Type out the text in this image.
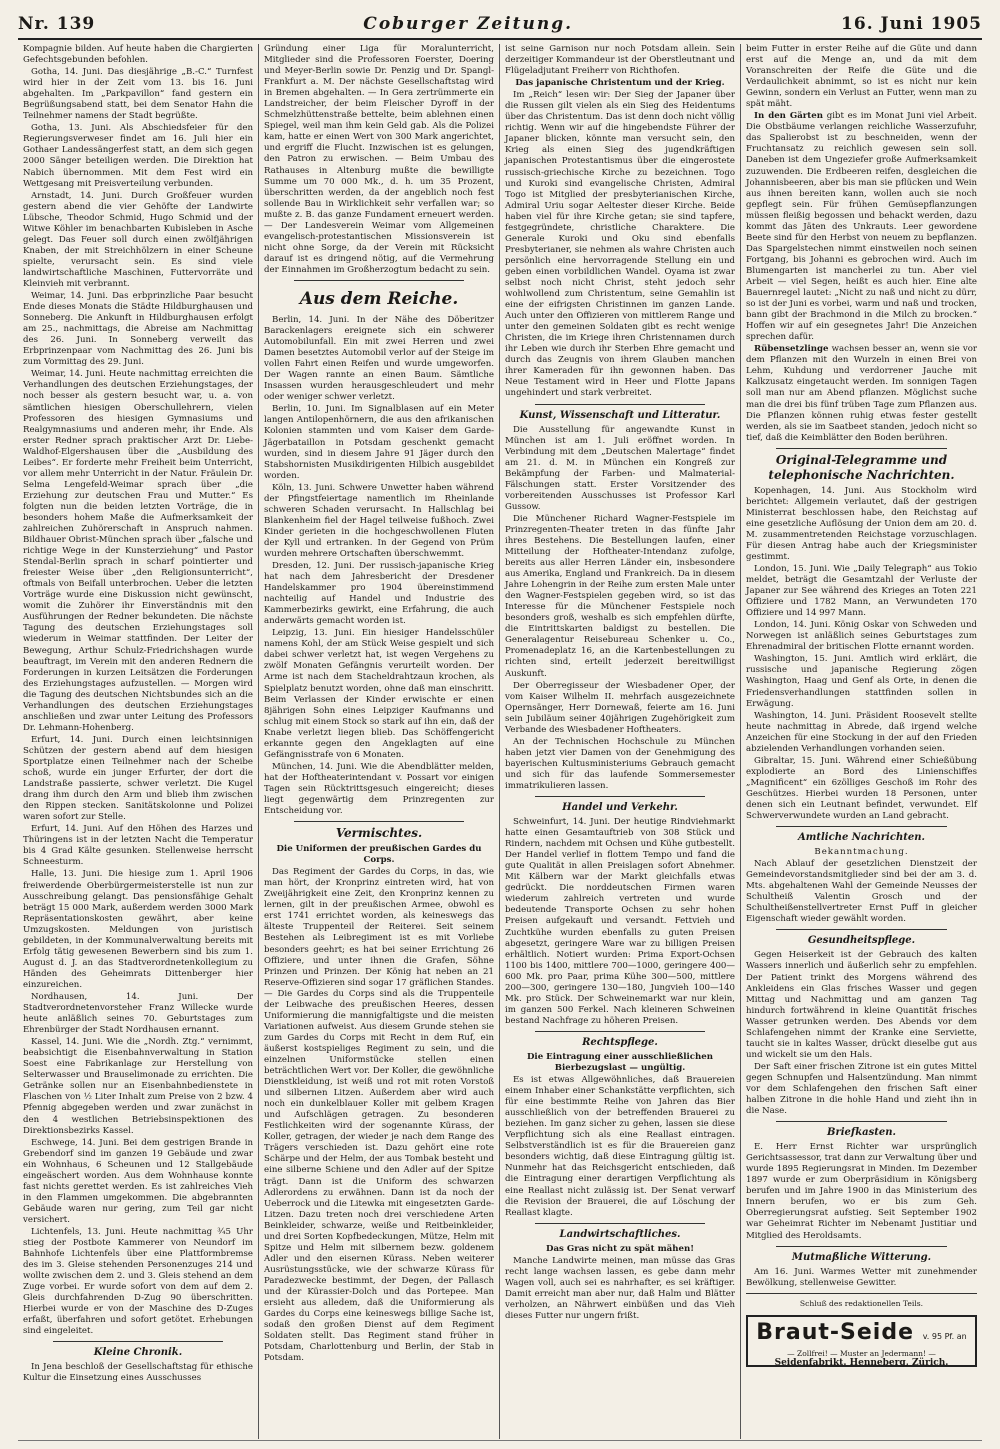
Nr. 139	Coburger Zeitung.	16. Juni 1905

Kompagnie bilden. Auf heute haben die Chargierten Gefechtsgebunden befohlen.

Gotha, 14. Juni. Das diesjährige „B.-C.“ Turnfest wird hier in der Zeit vom 13. bis 16. Juni abgehalten. Im „Parkpavillon“ fand gestern ein Begrüßungsabend statt, bei dem Senator Hahn die Teilnehmer namens der Stadt begrüßte.

Gotha, 13. Juni. Als Abschiedsfeier für den Regierungsverweser findet am 16. Juli hier ein Gothaer Landessängerfest statt, an dem sich gegen 2000 Sänger beteiligen werden. Die Direktion hat Nabich übernommen. Mit dem Fest wird ein Wettgesang mit Preisverteilung verbunden.

Arnstadt, 14. Juni. Durch Großfeuer wurden gestern abend die vier Gehöfte der Landwirte Lübsche, Theodor Schmid, Hugo Schmid und der Witwe Köhler im benachbarten Kubisleben in Asche gelegt. Das Feuer soll durch einen zwölfjährigen Knaben, der mit Streichhölzern in einer Scheune spielte, verursacht sein. Es sind viele landwirtschaftliche Maschinen, Futtervorräte und Kleinvieh mit verbrannt.

Weimar, 14. Juni. Das erbprinzliche Paar besucht Ende dieses Monats die Städte Hildburghausen und Sonneberg. Die Ankunft in Hildburghausen erfolgt am 25., nachmittags, die Abreise am Nachmittag des 26. Juni. In Sonneberg verweilt das Erbprinzenpaar vom Nachmittag des 26. Juni bis zum Vormittag des 29. Juni.

Weimar, 14. Juni. Heute nachmittag erreichten die Verhandlungen des deutschen Erziehungstages, der noch besser als gestern besucht war, u. a. von sämtlichen hiesigen Oberschullehrern, vielen Professoren des hiesigen Gymnasiums und Realgymnasiums und anderen mehr, ihr Ende. Als erster Redner sprach praktischer Arzt Dr. Liebe-Waldhof-Elgershausen über die „Ausbildung des Leibes“. Er forderte mehr Freiheit beim Unterricht, vor allem mehr Unterricht in der Natur. Fräulein Dr. Selma Lengefeld-Weimar sprach über „die Erziehung zur deutschen Frau und Mutter.“ Es folgten nun die beiden letzten Vorträge, die in besonders hohem Maße die Aufmerksamkeit der zahlreichen Zuhörerschaft in Anspruch nahmen. Bildhauer Obrist-München sprach über „falsche und richtige Wege in der Kunsterziehung“ und Pastor Stendal-Berlin sprach in scharf pointierter und freiester Weise über „den Religionsunterricht“, oftmals von Beifall unterbrochen. Ueber die letzten Vorträge wurde eine Diskussion nicht gewünscht, womit die Zuhörer ihr Einverständnis mit den Ausführungen der Redner bekundeten. Die nächste Tagung des deutschen Erziehungstages soll wiederum in Weimar stattfinden. Der Leiter der Bewegung, Arthur Schulz-Friedrichshagen wurde beauftragt, im Verein mit den anderen Rednern die Forderungen in kurzen Leitsätzen die Forderungen des Erziehungstages aufzustellen. — Morgen wird die Tagung des deutschen Nichtsbundes sich an die Verhandlungen des deutschen Erziehungstages anschließen und zwar unter Leitung des Professors Dr. Lehmann-Hohenberg.

Erfurt, 14. Juni. Durch einen leichtsinnigen Schützen der gestern abend auf dem hiesigen Sportplatze einen Teilnehmer nach der Scheibe schoß, wurde ein junger Erfurter, der dort die Landstraße passierte, schwer verletzt. Die Kugel drang ihm durch den Arm und blieb ihm zwischen den Rippen stecken. Sanitätskolonne und Polizei waren sofort zur Stelle.

Erfurt, 14. Juni. Auf den Höhen des Harzes und Thüringens ist in der letzten Nacht die Temperatur bis 4 Grad Kälte gesunken. Stellenweise herrscht Schneesturm.

Halle, 13. Juni. Die hiesige zum 1. April 1906 freiwerdende Oberbürgermeisterstelle ist nun zur Ausschreibung gelangt. Das pensionsfähige Gehalt beträgt 15 000 Mark, außerdem werden 3000 Mark Repräsentationskosten gewährt, aber keine Umzugskosten. Meldungen von juristisch gebildeten, in der Kommunalverwaltung bereits mit Erfolg tätig gewesenen Bewerbern sind bis zum 1. August d. J. an das Stadtverordnetenkollegium zu Händen des Geheimrats Dittenberger hier einzureichen.

Nordhausen, 14. Juni. Der Stadtverordnetenvorsteher Franz Willecke wurde heute anläßlich seines 70. Geburtstages zum Ehrenbürger der Stadt Nordhausen ernannt.

Kassel, 14. Juni. Wie die „Nordh. Ztg.“ vernimmt, beabsichtigt die Eisenbahnverwaltung in Station Soest eine Fabrikanlage zur Herstellung von Selterwasser und Brauselimonade zu errichten. Die Getränke sollen nur an Eisenbahnbedienstete in Flaschen von ½ Liter Inhalt zum Preise von 2 bzw. 4 Pfennig abgegeben werden und zwar zunächst in den 4 westlichen Betriebsinspektionen des Direktionsbezirks Kassel.

Eschwege, 14. Juni. Bei dem gestrigen Brande in Grebendorf sind im ganzen 19 Gebäude und zwar ein Wohnhaus, 6 Scheunen und 12 Stallgebäude eingeäschert worden. Aus dem Wohnhause konnte fast nichts gerettet werden. Es ist zahlreiches Vieh in den Flammen umgekommen. Die abgebrannten Gebäude waren nur gering, zum Teil gar nicht versichert.

Lichtenfels, 13. Juni. Heute nachmittag ¾5 Uhr stieg der Postbote Kammerer von Neundorf im Bahnhofe Lichtenfels über eine Plattformbremse des im 3. Gleise stehenden Personenzuges 214 und wollte zwischen dem 2. und 3. Gleis stehend an dem Zuge vorbei. Er wurde sofort von dem auf dem 2. Gleis durchfahrenden D-Zug 90 überschritten. Hierbei wurde er von der Maschine des D-Zuges erfaßt, überfahren und sofort getötet. Erhebungen sind eingeleitet.

Kleine Chronik.

In Jena beschloß der Gesellschaftstag für ethische Kultur die Einsetzung eines Ausschusses

Gründung einer Liga für Moralunterricht, Mitglieder sind die Professoren Foerster, Doering und Meyer-Berlin sowie Dr. Penzig und Dr. Spangl-Frankfurt a. M. Der nächste Gesellschaftstag wird in Bremen abgehalten. — In Gera zertrümmerte ein Landstreicher, der beim Fleischer Dyroff in der Schmelzhüttenstraße bettelte, beim ablehnen einen Spiegel, weil man ihm kein Geld gab. Als die Polizei kam, hatte er einen Wert von 300 Mark angerichtet, und ergriff die Flucht. Inzwischen ist es gelungen, den Patron zu erwischen. — Beim Umbau des Rathauses in Altenburg mußte die bewilligte Summe um 70 000 Mk., d. h. um 35 Prozent, überschritten werden, da der angeblich noch fest sollende Bau in Wirklichkeit sehr verfallen war; so mußte z. B. das ganze Fundament erneuert werden. — Der Landesverein Weimar vom Allgemeinen evangelisch-protestantischen Missionsverein ist nicht ohne Sorge, da der Verein mit Rücksicht darauf ist es dringend nötig, auf die Vermehrung der Einnahmen im Großherzogtum bedacht zu sein.

Aus dem Reiche.

Berlin, 14. Juni. In der Nähe des Döberitzer Barackenlagers ereignete sich ein schwerer Automobilunfall. Ein mit zwei Herren und zwei Damen besetztes Automobil verlor auf der Steige im vollen Fahrt einen Reifen und wurde umgeworfen. Der Wagen rannte an einen Baum. Sämtliche Insassen wurden herausgeschleudert und mehr oder weniger schwer verletzt.

Berlin, 10. Juni. Im Signalblasen auf ein Meter langen Antilopenhörnern, die aus den afrikanischen Kolonien stammten und vom Kaiser dem Garde-Jägerbataillon in Potsdam geschenkt gemacht wurden, sind in diesem Jahre 91 Jäger durch den Stabshornisten Musikdirigenten Hilbich ausgebildet worden.

Köln, 13. Juni. Schwere Unwetter haben während der Pfingstfeiertage namentlich im Rheinlande schweren Schaden verursacht. In Hallschlag bei Blankenheim fiel der Hagel teilweise fußhoch. Zwei Kinder gerieten in die hochgeschwollenen Fluten der Kyll und ertranken. In der Gegend von Prüm wurden mehrere Ortschaften überschwemmt.

Dresden, 12. Juni. Der russisch-japanische Krieg hat nach dem Jahresbericht der Dresdener Handelskammer pro 1904 übereinstimmend nachteilig auf Handel und Industrie des Kammerbezirks gewirkt, eine Erfahrung, die auch anderwärts gemacht worden ist.

Leipzig, 13. Juni. Ein hiesiger Handelsschüler namens Kohl, der am Stück Weise gespielt und sich dabei schwer verletzt hat, ist wegen Vergehens zu zwölf Monaten Gefängnis verurteilt worden. Der Arme ist nach dem Stacheldrahtzaun krochen, als Spielplatz benutzt worden, ohne daß man einschritt. Beim Verlassen der Kinder erwischte er einen 8jährigen Sohn eines Leipziger Kaufmanns und schlug mit einem Stock so stark auf ihn ein, daß der Knabe verletzt liegen blieb. Das Schöffengericht erkannte gegen den Angeklagten auf eine Gefängnisstrafe von 6 Monaten.

München, 14. Juni. Wie die Abendblätter melden, hat der Hoftheaterintendant v. Possart vor einigen Tagen sein Rücktrittsgesuch eingereicht; dieses liegt gegenwärtig dem Prinzregenten zur Entscheidung vor.

Vermischtes.

Die Uniformen der preußischen Gardes du Corps.

Das Regiment der Gardes du Corps, in das, wie man hört, der Kronprinz eintreten wird, hat von Zweijährigkeit eine Zeit, den Kronprinz kennen zu lernen, gilt in der preußischen Armee, obwohl es erst 1741 errichtet worden, als keineswegs das älteste Truppenteil der Reiterei. Seit seinem Bestehen als Leibregiment ist es mit Vorliebe besonders geehrt; es hat bei seiner Errichtung 26 Offiziere, und unter ihnen die Grafen, Söhne Prinzen und Prinzen. Der König hat neben an 21 Reserve-Offizieren sind sogar 17 gräflichen Standes. — Die Gardes du Corps sind als die Truppenteile der Leibwache des preußischen Heeres, dessen Uniformierung die mannigfaltigste und die meisten Variationen aufweist. Aus diesem Grunde stehen sie zum Gardes du Corps mit Recht in dem Ruf, ein äußerst kostspieliges Regiment zu sein, und die einzelnen Uniformstücke stellen einen beträchtlichen Wert vor. Der Koller, die gewöhnliche Dienstkleidung, ist weiß und rot mit roten Vorstoß und silbernen Litzen. Außerdem aber wird auch noch ein dunkelblauer Koller mit gelbem Kragen und Aufschlägen getragen. Zu besonderen Festlichkeiten wird der sogenannte Kürass, der Koller, getragen, der wieder je nach dem Range des Trägers verschieden ist. Dazu gehört eine rote Schärpe und der Helm, der aus Tombak besteht und eine silberne Schiene und den Adler auf der Spitze trägt. Dann ist die Uniform des schwarzen Adlerordens zu erwähnen. Dann ist da noch der Ueberrock und die Litewka mit eingesetzten Garde-Litzen. Dazu treten noch drei verschiedene Arten Beinkleider, schwarze, weiße und Reitbeinkleider, und drei Sorten Kopfbedeckungen, Mütze, Helm mit Spitze und Helm mit silbernem bezw. goldenem Adler und den eisernen Kürass. Neben weiterer Ausrüstungsstücke, wie der schwarze Kürass für Paradezwecke bestimmt, der Degen, der Pallasch und der Kürassier-Dolch und das Portepee. Man ersieht aus alledem, daß die Uniformierung als Gardes du Corps eine keineswegs billige Sache ist, sodaß den großen Dienst auf dem Regiment Soldaten stellt. Das Regiment stand früher in Potsdam, Charlottenburg und Berlin, der Stab in Potsdam.

ist seine Garnison nur noch Potsdam allein. Sein derzeitiger Kommandeur ist der Oberstleutnant und Flügeladjutant Freiherr von Richthofen.

Das japanische Christentum und der Krieg.

Im „Reich“ lesen wir: Der Sieg der Japaner über die Russen gilt vielen als ein Sieg des Heidentums über das Christentum. Das ist denn doch nicht völlig richtig. Wenn wir auf die hingebendste Führer der Japaner blicken, könnte man versucht sein, den Krieg als einen Sieg des jugendkräftigen japanischen Protestantismus über die eingerostete russisch-griechische Kirche zu bezeichnen. Togo und Kuroki sind evangelische Christen, Admiral Togo ist Mitglied der presbyterianischen Kirche, Admiral Uriu sogar Aeltester dieser Kirche. Beide haben viel für ihre Kirche getan; sie sind tapfere, festgegründete, christliche Charaktere. Die Generale Kuroki und Oku sind ebenfalls Presbyterianer, sie nehmen als wahre Christen auch persönlich eine hervorragende Stellung ein und geben einen vorbildlichen Wandel. Oyama ist zwar selbst noch nicht Christ, steht jedoch sehr wohlwollend zum Christentum, seine Gemahlin ist eine der eifrigsten Christinnen im ganzen Lande. Auch unter den Offizieren von mittlerem Range und unter den gemeinen Soldaten gibt es recht wenige Christen, die im Kriege ihren Christennamen durch ihr Leben wie durch ihr Sterben Ehre gemacht und durch das Zeugnis von ihrem Glauben manchen ihrer Kameraden für ihn gewonnen haben. Das Neue Testament wird in Heer und Flotte Japans ungehindert und stark verbreitet.

Kunst, Wissenschaft und Litteratur.

Die Ausstellung für angewandte Kunst in München ist am 1. Juli eröffnet worden. In Verbindung mit dem „Deutschen Malertage“ findet am 21. d. M. in München ein Kongreß zur Bekämpfung der Farben- und Malmaterial-Fälschungen statt. Erster Vorsitzender des vorbereitenden Ausschusses ist Professor Karl Gussow.

Die Münchener Richard Wagner-Festspiele im Prinzregenten-Theater treten in das fünfte Jahr ihres Bestehens. Die Bestellungen laufen, einer Mitteilung der Hoftheater-Intendanz zufolge, bereits aus aller Herren Länder ein, insbesondere aus Amerika, England und Frankreich. Da in diesem Jahre Lohengrin in der Reihe zum ersten Male unter den Wagner-Festspielen gegeben wird, so ist das Interesse für die Münchener Festspiele noch besonders groß, weshalb es sich empfehlen dürfte, die Eintrittskarten baldigst zu bestellen. Die Generalagentur Reisebureau Schenker u. Co., Promenadeplatz 16, an die Kartenbestellungen zu richten sind, erteilt jederzeit bereitwilligst Auskunft.

Der Oberregisseur der Wiesbadener Oper, der vom Kaiser Wilhelm II. mehrfach ausgezeichnete Opernsänger, Herr Dornewaß, feierte am 16. Juni sein Jubiläum seiner 40jährigen Zugehörigkeit zum Verbande des Wiesbadener Hoftheaters.

An der Technischen Hochschule zu München haben jetzt vier Damen von der Genehmigung des bayerischen Kultusministeriums Gebrauch gemacht und sich für das laufende Sommersemester immatrikulieren lassen.

Handel und Verkehr.

Schweinfurt, 14. Juni. Der heutige Rindviehmarkt hatte einen Gesamtauftrieb von 308 Stück und Rindern, nachdem mit Ochsen und Kühe gutbestellt. Der Handel verlief in flottem Tempo und fand die gute Qualität in allen Preislagen sofort Abnehmer. Mit Kälbern war der Markt gleichfalls etwas gedrückt. Die norddeutschen Firmen waren wiederum zahlreich vertreten und wurde bedeutende Transporte Ochsen zu sehr hohen Preisen aufgekauft und versandt. Fettvieh und Zuchtkühe wurden ebenfalls zu guten Preisen abgesetzt, geringere Ware war zu billigen Preisen erhältlich. Notiert wurden: Prima Export-Ochsen 1100 bis 1400, mittlere 700—1000, geringere 400—600 Mk. pro Paar, prima Kühe 300—500, mittlere 200—300, geringere 130—180, Jungvieh 100—140 Mk. pro Stück. Der Schweinemarkt war nur klein, im ganzen 500 Ferkel. Nach kleineren Schweinen bestand Nachfrage zu höheren Preisen.

Rechtspflege.

Die Eintragung einer ausschließlichen Bierbezugslast — ungültig.

Es ist etwas Allgewöhnliches, daß Brauereien einem Inhaber einer Schankstätte verpflichten, sich für eine bestimmte Reihe von Jahren das Bier ausschließlich von der betreffenden Brauerei zu beziehen. Im ganz sicher zu gehen, lassen sie diese Verpflichtung sich als eine Reallast eintragen. Selbstverständlich ist es für die Brauereien ganz besonders wichtig, daß diese Eintragung gültig ist. Nunmehr hat das Reichsgericht entschieden, daß die Eintragung einer derartigen Verpflichtung als eine Reallast nicht zulässig ist. Der Senat verwarf die Revision der Brauerei, die auf Löschung der Reallast klagte.

Landwirtschaftliches.

Das Gras nicht zu spät mähen!

Manche Landwirte meinen, man müsse das Gras recht lange wachsen lassen, es gebe dann mehr Wagen voll, auch sei es nahrhafter, es sei kräftiger. Damit erreicht man aber nur, daß Halm und Blätter verholzen, an Nährwert einbüßen und das Vieh dieses Futter nur ungern frißt.

beim Futter in erster Reihe auf die Güte und dann erst auf die Menge an, und da mit dem Voranschreiten der Reife die Güte und die Verdaulichkeit abnimmt, so ist es nicht nur kein Gewinn, sondern ein Verlust an Futter, wenn man zu spät mäht.

In den Gärten gibt es im Monat Juni viel Arbeit. Die Obstbäume verlangen reichliche Wasserzufuhr, das Spalierobst ist zu beschneiden, wenn der Fruchtansatz zu reichlich gewesen sein soll. Daneben ist dem Ungeziefer große Aufmerksamkeit zuzuwenden. Die Erdbeeren reifen, desgleichen die Johannisbeeren, aber bis man sie pflücken und Wein aus ihnen bereiten kann, wollen auch sie noch gepflegt sein. Für frühen Gemüsepflanzungen müssen fleißig begossen und behackt werden, dazu kommt das Jäten des Unkrauts. Leer gewordene Beete sind für den Herbst von neuem zu bepflanzen. Das Spargelstechen nimmt einstweilen noch seinen Fortgang, bis Johanni es gebrochen wird. Auch im Blumengarten ist mancherlei zu tun. Aber viel Arbeit — viel Segen, heißt es auch hier. Eine alte Bauernregel lautet: „Nicht zu naß und nicht zu dürr, so ist der Juni es vorbei, warm und naß und trocken, bann gibt der Brachmond in die Milch zu brocken.“ Hoffen wir auf ein gesegnetes Jahr! Die Anzeichen sprechen dafür.

Rübensetzlinge wachsen besser an, wenn sie vor dem Pflanzen mit den Wurzeln in einen Brei von Lehm, Kuhdung und verdorrener Jauche mit Kalkzusatz eingetaucht werden. Im sonnigen Tagen soll man nur am Abend pflanzen. Möglichst suche man die drei bis fünf trüben Tage zum Pflanzen aus. Die Pflanzen können ruhig etwas fester gestellt werden, als sie im Saatbeet standen, jedoch nicht so tief, daß die Keimblätter den Boden berühren.

Original-Telegramme und telephonische Nachrichten.

Kopenhagen, 14. Juni. Aus Stockholm wird berichtet: Allgemein verlautet, daß der gestrigen Ministerrat beschlossen habe, den Reichstag auf eine gesetzliche Auflösung der Union dem am 20. d. M. zusammentretenden Reichstage vorzuschlagen. Für diesen Antrag habe auch der Kriegsminister gestimmt.

London, 15. Juni. Wie „Daily Telegraph“ aus Tokio meldet, beträgt die Gesamtzahl der Verluste der Japaner zur See während des Krieges an Toten 221 Offiziere und 1782 Mann, an Verwundeten 170 Offiziere und 14 997 Mann.

London, 14. Juni. König Oskar von Schweden und Norwegen ist anläßlich seines Geburtstages zum Ehrenadmiral der britischen Flotte ernannt worden.

Washington, 15. Juni. Amtlich wird erklärt, die russische und japanische Regierung zögen Washington, Haag und Genf als Orte, in denen die Friedensverhandlungen stattfinden sollen in Erwägung.

Washington, 14. Juni. Präsident Roosevelt stellte heute nachmittag in Abrede, daß irgend welche Anzeichen für eine Stockung in der auf den Frieden abzielenden Verhandlungen vorhanden seien.

Gibraltar, 15. Juni. Während einer Schießübung explodierte an Bord des Linienschiffes „Magnificent“ ein 6zölliges Geschoß im Rohr des Geschützes. Hierbei wurden 18 Personen, unter denen sich ein Leutnant befindet, verwundet. Elf Schwerverwundete wurden an Land gebracht.

Amtliche Nachrichten.

Bekanntmachung.

Nach Ablauf der gesetzlichen Dienstzeit der Gemeindevorstandsmitglieder sind bei der am 3. d. Mts. abgehaltenen Wahl der Gemeinde Neusses der Schultheiß Valentin Grosch und der Schultheißenstellvertreter Ernst Puff in gleicher Eigenschaft wieder gewählt worden.

Gesundheitspflege.

Gegen Heiserkeit ist der Gebrauch des kalten Wassers innerlich und äußerlich sehr zu empfehlen. Der Patient trinkt des Morgens während des Ankleidens ein Glas frisches Wasser und gegen Mittag und Nachmittag und am ganzen Tag hindurch fortwährend in kleine Quantität frisches Wasser getrunken werden. Des Abends vor dem Schlafengehen nimmt der Kranke eine Serviette, taucht sie in kaltes Wasser, drückt dieselbe gut aus und wickelt sie um den Hals.

Der Saft einer frischen Zitrone ist ein gutes Mittel gegen Schnupfen und Halsentzündung. Man nimmt vor dem Schlafengehen den frischen Saft einer halben Zitrone in die hohle Hand und zieht ihn in die Nase.

Briefkasten.

E. Herr Ernst Richter war ursprünglich Gerichtsassessor, trat dann zur Verwaltung über und wurde 1895 Regierungsrat in Minden. Im Dezember 1897 wurde er zum Oberpräsidium in Königsberg berufen und im Jahre 1900 in das Ministerium des Innern berufen, wo er bis zum Geh. Oberregierungsrat aufstieg. Seit September 1902 war Geheimrat Richter im Nebenamt Justitiar und Mitglied des Heroldsamts.

Mutmaßliche Witterung.

Am 16. Juni. Warmes Wetter mit zunehmender Bewölkung, stellenweise Gewitter.

Schluß des redaktionellen Teils.

Braut-Seide v. 95 Pf. an
— Zollfrei! — Muster an Jedermann! —
Seidenfabrikt. Henneberg, Zürich.
